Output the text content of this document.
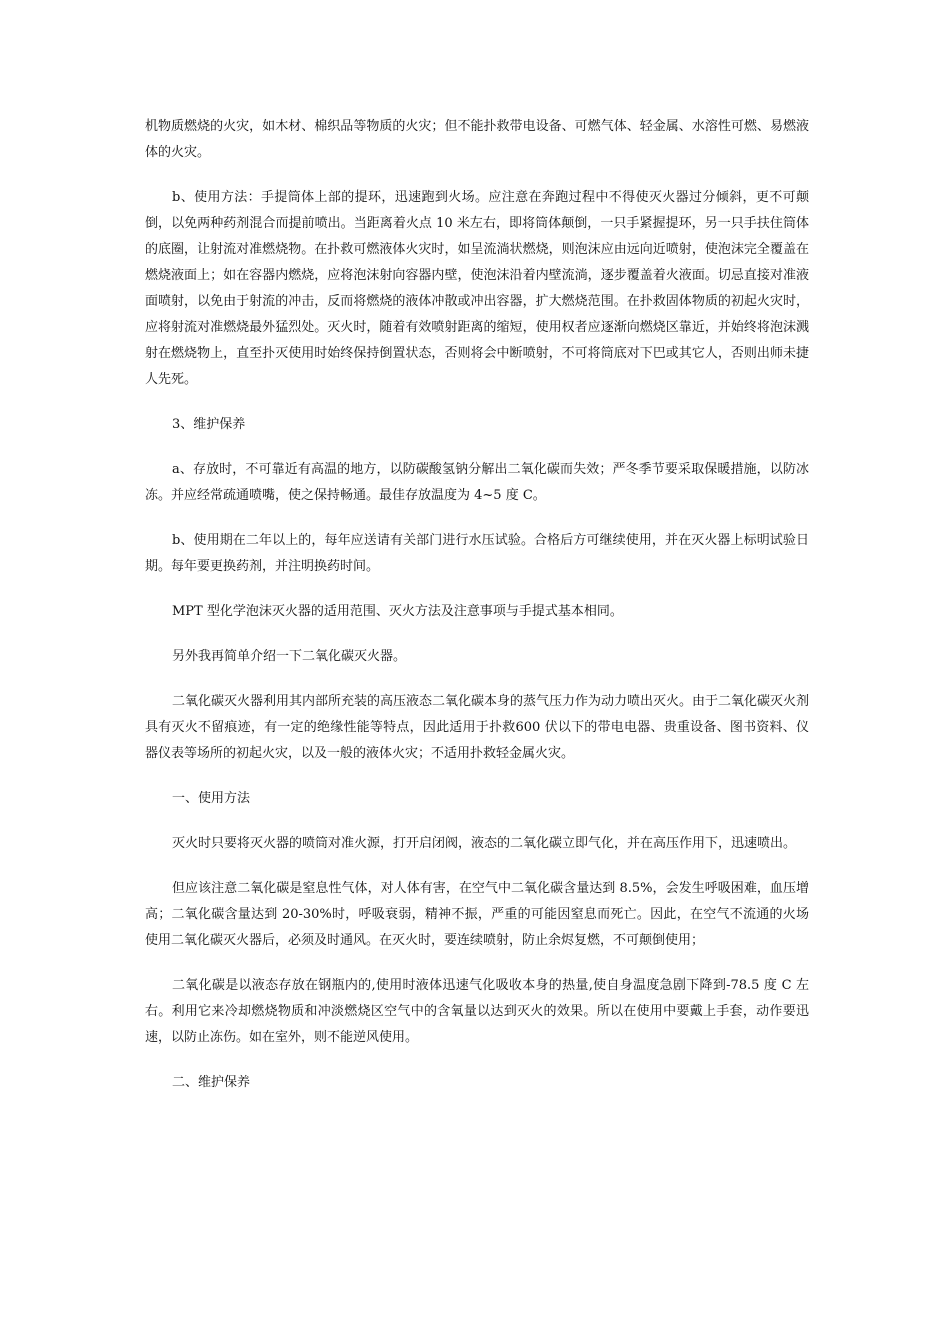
机物质燃烧的火灾，如木材、棉织品等物质的火灾；但不能扑救带电设备、可燃气体、轻金属、水溶性可燃、易燃液体的火灾。

b、使用方法：手提筒体上部的提环，迅速跑到火场。应注意在奔跑过程中不得使灭火器过分倾斜，更不可颠倒，以免两种药剂混合而提前喷出。当距离着火点 10 米左右，即将筒体颠倒，一只手紧握提环，另一只手扶住筒体的底圈，让射流对准燃烧物。在扑救可燃液体火灾时，如呈流淌状燃烧，则泡沫应由远向近喷射，使泡沫完全覆盖在燃烧液面上；如在容器内燃烧，应将泡沫射向容器内壁，使泡沫沿着内壁流淌，逐步覆盖着火液面。切忌直接对准液面喷射，以免由于射流的冲击，反而将燃烧的液体冲散或冲出容器，扩大燃烧范围。在扑救固体物质的初起火灾时，应将射流对准燃烧最外猛烈处。灭火时，随着有效喷射距离的缩短，使用权者应逐渐向燃烧区靠近，并始终将泡沫溅射在燃烧物上，直至扑灭使用时始终保持倒置状态，否则将会中断喷射，不可将筒底对下巴或其它人，否则出师未捷人先死。

3、维护保养

a、存放时，不可靠近有高温的地方，以防碳酸氢钠分解出二氧化碳而失效；严冬季节要采取保暖措施，以防冰冻。并应经常疏通喷嘴，使之保持畅通。最佳存放温度为 4~5 度 C。

b、使用期在二年以上的，每年应送请有关部门进行水压试验。合格后方可继续使用，并在灭火器上标明试验日期。每年要更换药剂，并注明换药时间。

MPT 型化学泡沫灭火器的适用范围、灭火方法及注意事项与手提式基本相同。

另外我再简单介绍一下二氧化碳灭火器。

二氧化碳灭火器利用其内部所充装的高压液态二氧化碳本身的蒸气压力作为动力喷出灭火。由于二氧化碳灭火剂具有灭火不留痕迹，有一定的绝缘性能等特点，因此适用于扑救600 伏以下的带电电器、贵重设备、图书资料、仪器仪表等场所的初起火灾，以及一般的液体火灾；不适用扑救轻金属火灾。

一、使用方法

灭火时只要将灭火器的喷筒对准火源，打开启闭阀，液态的二氧化碳立即气化，并在高压作用下，迅速喷出。

但应该注意二氧化碳是窒息性气体，对人体有害，在空气中二氧化碳含量达到 8.5%，会发生呼吸困难，血压增高；二氧化碳含量达到 20-30%时，呼吸衰弱，精神不振，严重的可能因窒息而死亡。因此，在空气不流通的火场使用二氧化碳灭火器后，必须及时通风。在灭火时，要连续喷射，防止余烬复燃，不可颠倒使用；

二氧化碳是以液态存放在钢瓶内的,使用时液体迅速气化吸收本身的热量,使自身温度急剧下降到-78.5 度 C 左右。利用它来冷却燃烧物质和冲淡燃烧区空气中的含氧量以达到灭火的效果。所以在使用中要戴上手套，动作要迅速，以防止冻伤。如在室外，则不能逆风使用。

二、维护保养
